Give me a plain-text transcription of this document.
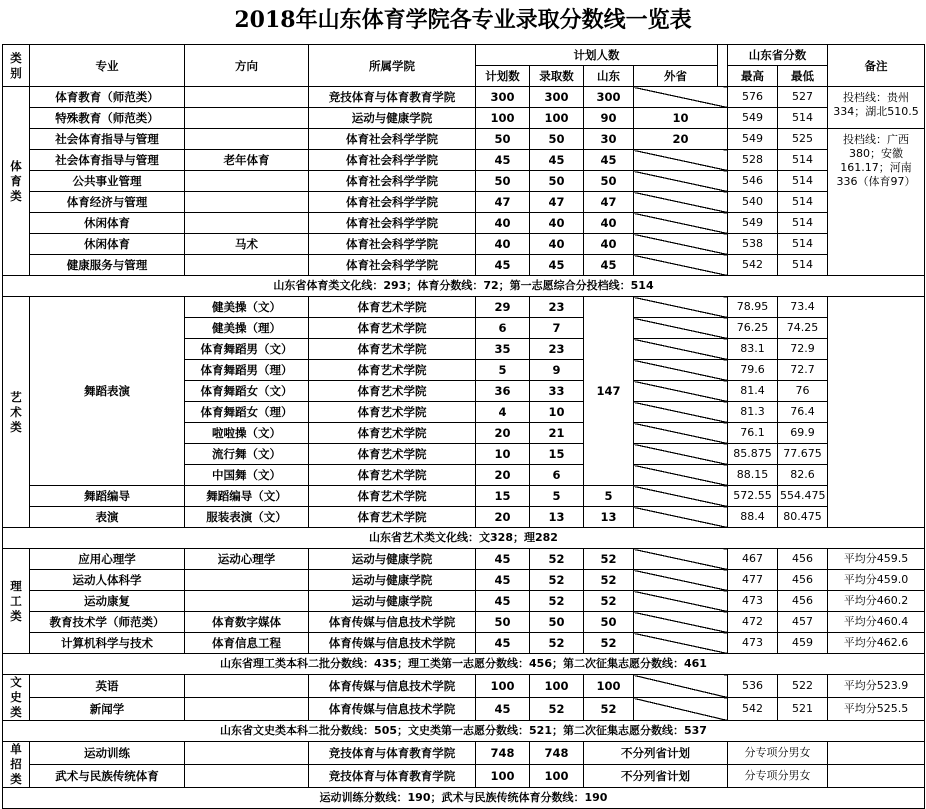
2018年山东体育学院各专业录取分数线一览表
类别	专业	方向	所属学院	计划人数					山东省分数		备注
				计划数	录取数	山东	外省		最高	最低	

体
育
类	体育教育（师范类）		竞技体育与体育教育学院	300	300	300			576	527	投档线：贵州334；湖北510.5
	特殊教育（师范类）		运动与健康学院	100	100	90	10		549	514	
	社会体育指导与管理		体育社会科学学院	50	50	30	20		549	525	投档线：广西380；安徽161.17；河南336（体育97）
	社会体育指导与管理	老年体育	体育社会科学学院	45	45	45			528	514	
	公共事业管理		体育社会科学学院	50	50	50			546	514	
	体育经济与管理		体育社会科学学院	47	47	47			540	514	
	休闲体育		体育社会科学学院	40	40	40			549	514	
	休闲体育	马术	体育社会科学学院	40	40	40			538	514	
	健康服务与管理		体育社会科学学院	45	45	45			542	514	
山东省体育类文化线：293；体育分数线：72；第一志愿综合分投档线：514											

艺
术
类	舞蹈表演	健美操（文）	体育艺术学院	29	23	147			78.95	73.4	
		健美操（理）	体育艺术学院	6	7				76.25	74.25	
		体育舞蹈男（文）	体育艺术学院	35	23				83.1	72.9	
		体育舞蹈男（理）	体育艺术学院	5	9				79.6	72.7	
		体育舞蹈女（文）	体育艺术学院	36	33				81.4	76	
		体育舞蹈女（理）	体育艺术学院	4	10				81.3	76.4	
		啦啦操（文）	体育艺术学院	20	21				76.1	69.9	
		流行舞（文）	体育艺术学院	10	15				85.875	77.675	
		中国舞（文）	体育艺术学院	20	6				88.15	82.6	
	舞蹈编导	舞蹈编导（文）	体育艺术学院	15	5	5			572.55	554.475	
	表演	服装表演（文）	体育艺术学院	20	13	13			88.4	80.475	
山东省艺术类文化线：文328；理282											

理
工
类	应用心理学	运动心理学	运动与健康学院	45	52	52			467	456	平均分459.5
	运动人体科学		运动与健康学院	45	52	52			477	456	平均分459.0
	运动康复		运动与健康学院	45	52	52			473	456	平均分460.2
	教育技术学（师范类）	体育数字媒体	体育传媒与信息技术学院	50	50	50			472	457	平均分460.4
	计算机科学与技术	体育信息工程	体育传媒与信息技术学院	45	52	52			473	459	平均分462.6
山东省理工类本科二批分数线：435；理工类第一志愿分数线：456；第二次征集志愿分数线：461											

文
史
类	英语		体育传媒与信息技术学院	100	100	100			536	522	平均分523.9
	新闻学		体育传媒与信息技术学院	45	52	52			542	521	平均分525.5
山东省文史类本科二批分数线：505；文史类第一志愿分数线：521；第二次征集志愿分数线：537											

单
招
类	运动训练		竞技体育与体育教育学院	748	748	不分列省计划			分专项分男女		
	武术与民族传统体育		竞技体育与体育教育学院	100	100	不分列省计划			分专项分男女		
运动训练分数线：190；武术与民族传统体育分数线：190											
